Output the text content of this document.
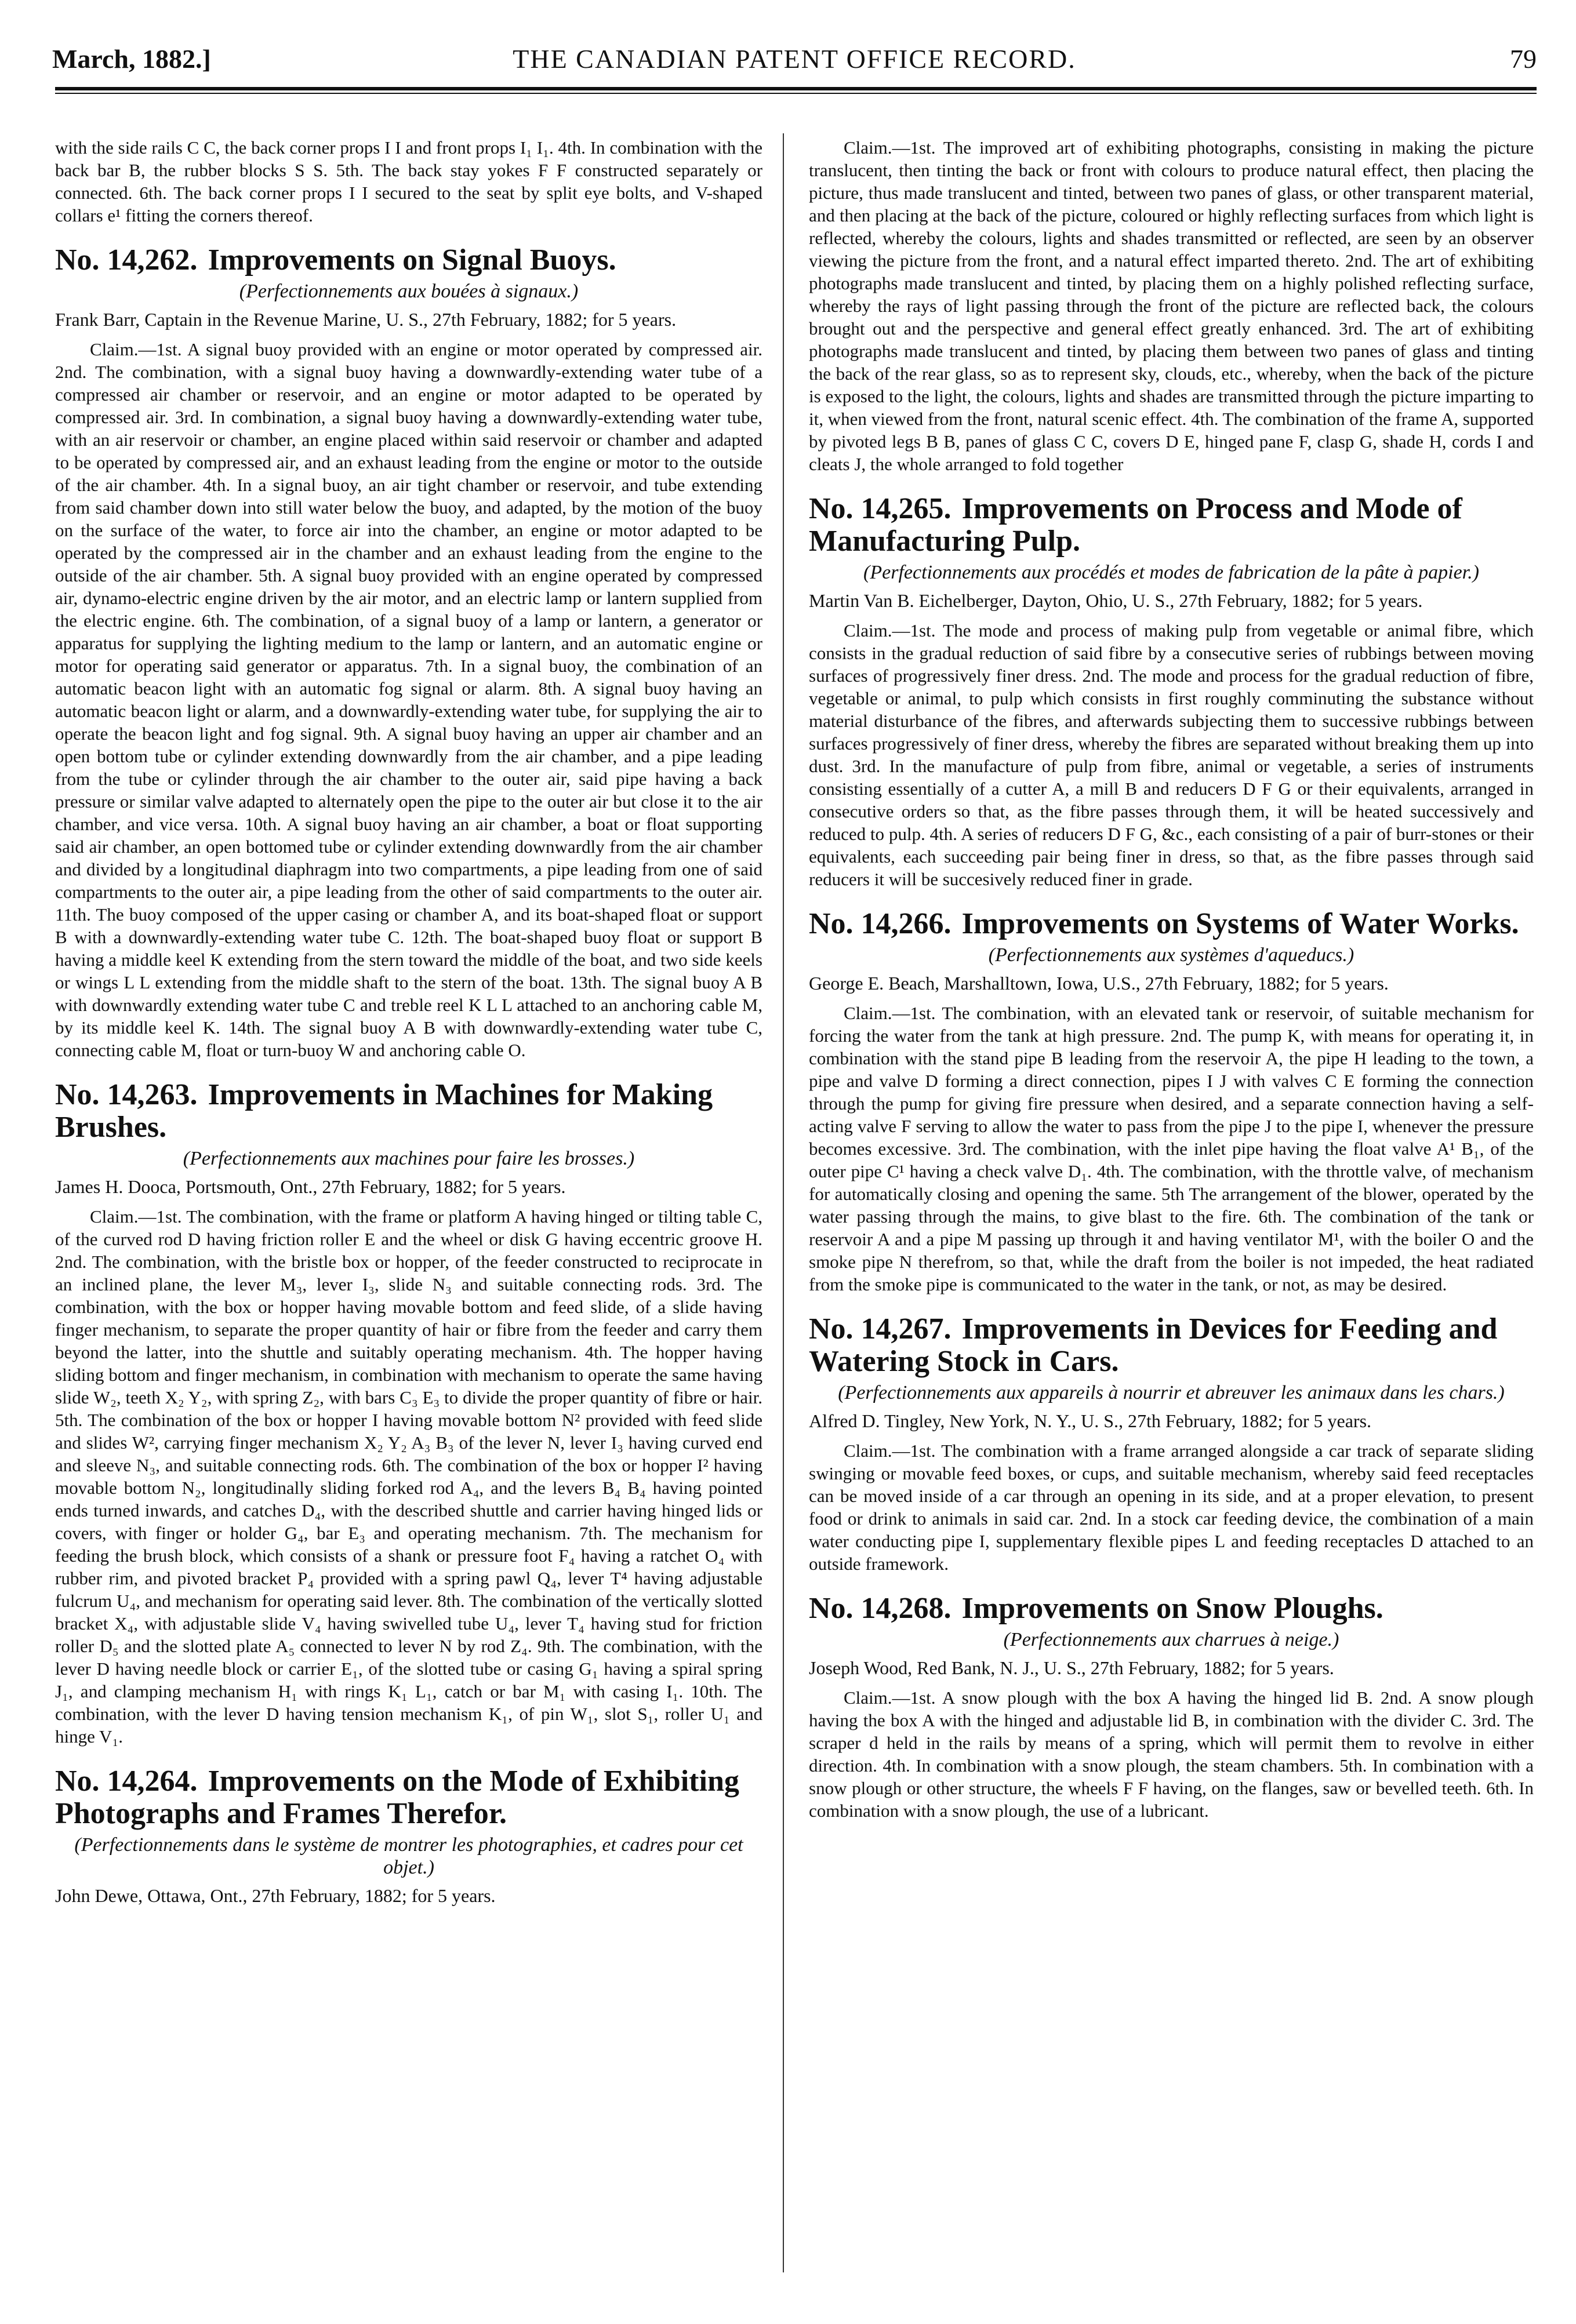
March, 1882.]	THE CANADIAN PATENT OFFICE RECORD.	79

with the side rails C C, the back corner props I I and front props I₁ I₁. 4th. In combination with the back bar B, the rubber blocks S S. 5th. The back stay yokes F F constructed separately or connected. 6th. The back corner props I I secured to the seat by split eye bolts, and V-shaped collars e¹ fitting the corners thereof.

No. 14,262. Improvements on Signal Buoys.
(Perfectionnements aux bouées à signaux.)

Frank Barr, Captain in the Revenue Marine, U. S., 27th February, 1882; for 5 years.

Claim.—1st. A signal buoy provided with an engine or motor operated by compressed air. 2nd. The combination, with a signal buoy having a downwardly-extending water tube of a compressed air chamber or reservoir, and an engine or motor adapted to be operated by compressed air. 3rd. In combination, a signal buoy having a downwardly-extending water tube, with an air reservoir or chamber, an engine placed within said reservoir or chamber and adapted to be operated by compressed air, and an exhaust leading from the engine or motor to the outside of the air chamber. 4th. In a signal buoy, an air tight chamber or reservoir, and tube extending from said chamber down into still water below the buoy, and adapted, by the motion of the buoy on the surface of the water, to force air into the chamber, an engine or motor adapted to be operated by the compressed air in the chamber and an exhaust leading from the engine to the outside of the air chamber. 5th. A signal buoy provided with an engine operated by compressed air, dynamo-electric engine driven by the air motor, and an electric lamp or lantern supplied from the electric engine. 6th. The combination, of a signal buoy of a lamp or lantern, a generator or apparatus for supplying the lighting medium to the lamp or lantern, and an automatic engine or motor for operating said generator or apparatus. 7th. In a signal buoy, the combination of an automatic beacon light with an automatic fog signal or alarm. 8th. A signal buoy having an automatic beacon light or alarm, and a downwardly-extending water tube, for supplying the air to operate the beacon light and fog signal. 9th. A signal buoy having an upper air chamber and an open bottom tube or cylinder extending downwardly from the air chamber, and a pipe leading from the tube or cylinder through the air chamber to the outer air, said pipe having a back pressure or similar valve adapted to alternately open the pipe to the outer air but close it to the air chamber, and vice versa. 10th. A signal buoy having an air chamber, a boat or float supporting said air chamber, an open bottomed tube or cylinder extending downwardly from the air chamber and divided by a longitudinal diaphragm into two compartments, a pipe leading from one of said compartments to the outer air, a pipe leading from the other of said compartments to the outer air. 11th. The buoy composed of the upper casing or chamber A, and its boat-shaped float or support B with a downwardly-extending water tube C. 12th. The boat-shaped buoy float or support B having a middle keel K extending from the stern toward the middle of the boat, and two side keels or wings L L extending from the middle shaft to the stern of the boat. 13th. The signal buoy A B with downwardly extending water tube C and treble reel K L L attached to an anchoring cable M, by its middle keel K. 14th. The signal buoy A B with downwardly-extending water tube C, connecting cable M, float or turn-buoy W and anchoring cable O.

No. 14,263. Improvements in Machines for Making Brushes.
(Perfectionnements aux machines pour faire les brosses.)

James H. Dooca, Portsmouth, Ont., 27th February, 1882; for 5 years.

Claim.—1st. The combination, with the frame or platform A having hinged or tilting table C, of the curved rod D having friction roller E and the wheel or disk G having eccentric groove H. 2nd. The combination, with the bristle box or hopper, of the feeder constructed to reciprocate in an inclined plane, the lever M₃, lever I₃, slide N₃ and suitable connecting rods. 3rd. The combination, with the box or hopper having movable bottom and feed slide, of a slide having finger mechanism, to separate the proper quantity of hair or fibre from the feeder and carry them beyond the latter, into the shuttle and suitably operating mechanism. 4th. The hopper having sliding bottom and finger mechanism, in combination with mechanism to operate the same having slide W₂, teeth X₂ Y₂, with spring Z₂, with bars C₃ E₃ to divide the proper quantity of fibre or hair. 5th. The combination of the box or hopper I having movable bottom N² provided with feed slide and slides W², carrying finger mechanism X₂ Y₂ A₃ B₃ of the lever N, lever I₃ having curved end and sleeve N₃, and suitable connecting rods. 6th. The combination of the box or hopper I² having movable bottom N₂, longitudinally sliding forked rod A₄, and the levers B₄ B₄ having pointed ends turned inwards, and catches D₄, with the described shuttle and carrier having hinged lids or covers, with finger or holder G₄, bar E₃ and operating mechanism. 7th. The mechanism for feeding the brush block, which consists of a shank or pressure foot F₄ having a ratchet O₄ with rubber rim, and pivoted bracket P₄ provided with a spring pawl Q₄, lever T⁴ having adjustable fulcrum U₄, and mechanism for operating said lever. 8th. The combination of the vertically slotted bracket X₄, with adjustable slide V₄ having swivelled tube U₄, lever T₄ having stud for friction roller D₅ and the slotted plate A₅ connected to lever N by rod Z₄. 9th. The combination, with the lever D having needle block or carrier E₁, of the slotted tube or casing G₁ having a spiral spring J₁, and clamping mechanism H₁ with rings K₁ L₁, catch or bar M₁ with casing I₁. 10th. The combination, with the lever D having tension mechanism K₁, of pin W₁, slot S₁, roller U₁ and hinge V₁.

No. 14,264. Improvements on the Mode of Exhibiting Photographs and Frames Therefor.
(Perfectionnements dans le système de montrer les photographies, et cadres pour cet objet.)

John Dewe, Ottawa, Ont., 27th February, 1882; for 5 years.

Claim.—1st. The improved art of exhibiting photographs, consisting in making the picture translucent, then tinting the back or front with colours to produce natural effect, then placing the picture, thus made translucent and tinted, between two panes of glass, or other transparent material, and then placing at the back of the picture, coloured or highly reflecting surfaces from which light is reflected, whereby the colours, lights and shades transmitted or reflected, are seen by an observer viewing the picture from the front, and a natural effect imparted thereto. 2nd. The art of exhibiting photographs made translucent and tinted, by placing them on a highly polished reflecting surface, whereby the rays of light passing through the front of the picture are reflected back, the colours brought out and the perspective and general effect greatly enhanced. 3rd. The art of exhibiting photographs made translucent and tinted, by placing them between two panes of glass and tinting the back of the rear glass, so as to represent sky, clouds, etc., whereby, when the back of the picture is exposed to the light, the colours, lights and shades are transmitted through the picture imparting to it, when viewed from the front, natural scenic effect. 4th. The combination of the frame A, supported by pivoted legs B B, panes of glass C C, covers D E, hinged pane F, clasp G, shade H, cords I and cleats J, the whole arranged to fold together

No. 14,265. Improvements on Process and Mode of Manufacturing Pulp.
(Perfectionnements aux procédés et modes de fabrication de la pâte à papier.)

Martin Van B. Eichelberger, Dayton, Ohio, U. S., 27th February, 1882; for 5 years.

Claim.—1st. The mode and process of making pulp from vegetable or animal fibre, which consists in the gradual reduction of said fibre by a consecutive series of rubbings between moving surfaces of progressively finer dress. 2nd. The mode and process for the gradual reduction of fibre, vegetable or animal, to pulp which consists in first roughly comminuting the substance without material disturbance of the fibres, and afterwards subjecting them to successive rubbings between surfaces progressively of finer dress, whereby the fibres are separated without breaking them up into dust. 3rd. In the manufacture of pulp from fibre, animal or vegetable, a series of instruments consisting essentially of a cutter A, a mill B and reducers D F G or their equivalents, arranged in consecutive orders so that, as the fibre passes through them, it will be heated successively and reduced to pulp. 4th. A series of reducers D F G, &c., each consisting of a pair of burr-stones or their equivalents, each succeeding pair being finer in dress, so that, as the fibre passes through said reducers it will be succesively reduced finer in grade.

No. 14,266. Improvements on Systems of Water Works.
(Perfectionnements aux systèmes d'aqueducs.)

George E. Beach, Marshalltown, Iowa, U.S., 27th February, 1882; for 5 years.

Claim.—1st. The combination, with an elevated tank or reservoir, of suitable mechanism for forcing the water from the tank at high pressure. 2nd. The pump K, with means for operating it, in combination with the stand pipe B leading from the reservoir A, the pipe H leading to the town, a pipe and valve D forming a direct connection, pipes I J with valves C E forming the connection through the pump for giving fire pressure when desired, and a separate connection having a self-acting valve F serving to allow the water to pass from the pipe J to the pipe I, whenever the pressure becomes excessive. 3rd. The combination, with the inlet pipe having the float valve A¹ B₁, of the outer pipe C¹ having a check valve D₁. 4th. The combination, with the throttle valve, of mechanism for automatically closing and opening the same. 5th The arrangement of the blower, operated by the water passing through the mains, to give blast to the fire. 6th. The combination of the tank or reservoir A and a pipe M passing up through it and having ventilator M¹, with the boiler O and the smoke pipe N therefrom, so that, while the draft from the boiler is not impeded, the heat radiated from the smoke pipe is communicated to the water in the tank, or not, as may be desired.

No. 14,267. Improvements in Devices for Feeding and Watering Stock in Cars.
(Perfectionnements aux appareils à nourrir et abreuver les animaux dans les chars.)

Alfred D. Tingley, New York, N. Y., U. S., 27th February, 1882; for 5 years.

Claim.—1st. The combination with a frame arranged alongside a car track of separate sliding swinging or movable feed boxes, or cups, and suitable mechanism, whereby said feed receptacles can be moved inside of a car through an opening in its side, and at a proper elevation, to present food or drink to animals in said car. 2nd. In a stock car feeding device, the combination of a main water conducting pipe I, supplementary flexible pipes L and feeding receptacles D attached to an outside framework.

No. 14,268. Improvements on Snow Ploughs.
(Perfectionnements aux charrues à neige.)

Joseph Wood, Red Bank, N. J., U. S., 27th February, 1882; for 5 years.

Claim.—1st. A snow plough with the box A having the hinged lid B. 2nd. A snow plough having the box A with the hinged and adjustable lid B, in combination with the divider C. 3rd. The scraper d held in the rails by means of a spring, which will permit them to revolve in either direction. 4th. In combination with a snow plough, the steam chambers. 5th. In combination with a snow plough or other structure, the wheels F F having, on the flanges, saw or bevelled teeth. 6th. In combination with a snow plough, the use of a lubricant.
